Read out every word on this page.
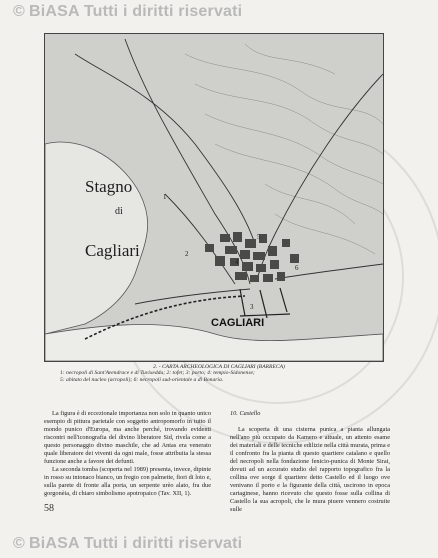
© BiASA Tutti i diritti riservati
1
2
3
4
5
6
Stagno
di
Cagliari
CAGLIARI
2. - CARTA ARCHEOLOGICA DI CAGLIARI (BARRECA)
1: necropoli di Sant'Avendrace e di Tuvixeddu; 2: tofet; 3: porto; 4: tempio-Sidonense;
5: abitato del nucleo (acropoli); 6: necropoli sud-orientale a di Bonaria.

La figura è di eccezionale importanza non solo in quanto unico esempio di pittura parietale con soggetto antropomorfo in tutto il mondo punico d'Europa, ma anche perché, trovando evidenti riscontri nell'iconografia del divino liberatore Sid, rivela come a questo personaggio divino maschile, che ad Antas era venerato quale liberatore dei viventi da ogni male, fosse attribuita la stessa funzione anche a favore dei defunti.

La seconda tomba (scoperta nel 1989) presenta, invece, dipinte in rosso su intonaco bianco, un fregio con palmette, fiori di loto e, sulla parete di fronte alla porta, un serpente urèo alato, fra due gorgonèia, di chiaro simbolismo apotropaico (Tav. XII, 1).

10. Castello

La scoperta di una cisterna punica a pianta allungata nell'ano più occupato da Kamero e attuale, un attento esame dei materiali e delle tecniche edilizie nella città murata, prima e il confronto fra la pianta di questo quartiere catalano e quello del necropoli nella fondazione fenicio-punica di Monte Sirai, dovuti ad un accurato studio del rapporto topografico fra la collina ove sorge il quartiere detto Castello ed il luogo ove venivano il porto e la figurante della città, uscirono in epoca cartaginese, hanno ricevuto che questo fosse sulla collina di Castello la sua acropoli, che le mura piuere vennero costruite sulle

58
© BiASA Tutti i diritti riservati
